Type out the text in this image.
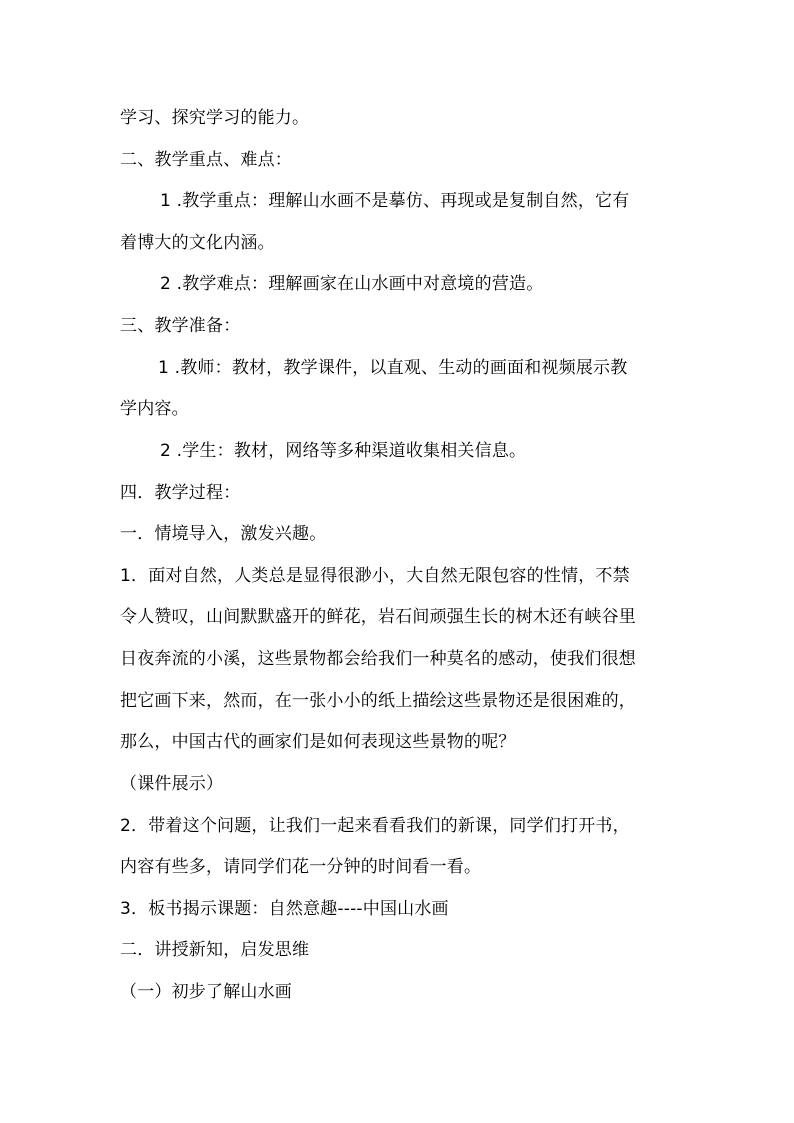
学习、探究学习的能力。
二、教学重点、难点：
1 .教学重点：理解山水画不是摹仿、再现或是复制自然，它有
着博大的文化内涵。
2 .教学难点：理解画家在山水画中对意境的营造。
三、教学准备：
1 .教师：教材，教学课件，以直观、生动的画面和视频展示教
学内容。
2 .学生：教材，网络等多种渠道收集相关信息。
四．教学过程：
一．情境导入，激发兴趣。
1．面对自然，人类总是显得很渺小，大自然无限包容的性情，不禁
令人赞叹，山间默默盛开的鲜花，岩石间顽强生长的树木还有峡谷里
日夜奔流的小溪，这些景物都会给我们一种莫名的感动，使我们很想
把它画下来，然而，在一张小小的纸上描绘这些景物还是很困难的，
那么，中国古代的画家们是如何表现这些景物的呢？
（课件展示）
2．带着这个问题，让我们一起来看看我们的新课，同学们打开书，
内容有些多，请同学们花一分钟的时间看一看。
3．板书揭示课题：自然意趣----中国山水画
二．讲授新知，启发思维
（一）初步了解山水画
